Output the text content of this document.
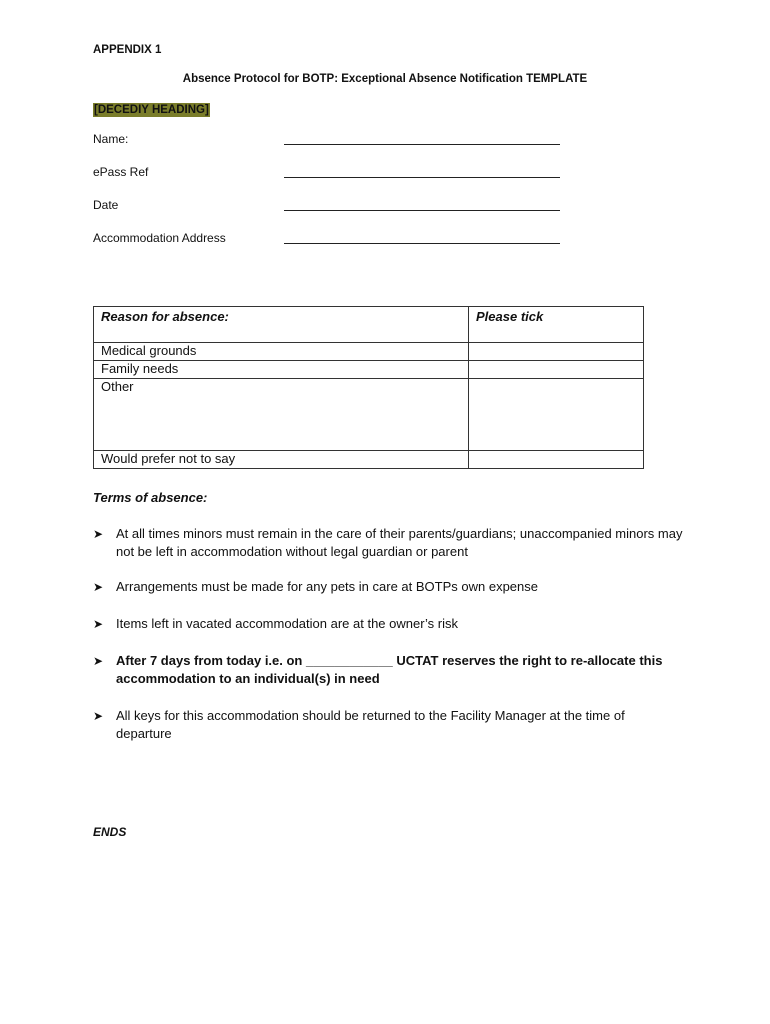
APPENDIX 1
Absence Protocol for BOTP: Exceptional Absence Notification TEMPLATE
[DECEDIY HEADING]
Name:
ePass Ref
Date
Accommodation Address
Reason for absence:	Please tick
Medical grounds	
Family needs	
Other	
Would prefer not to say	
Terms of absence:
➤ At all times minors must remain in the care of their parents/guardians; unaccompanied minors may not be left in accommodation without legal guardian or parent
➤ Arrangements must be made for any pets in care at BOTPs own expense
➤ Items left in vacated accommodation are at the owner’s risk
➤ After 7 days from today i.e. on ____________ UCTAT reserves the right to re-allocate this accommodation to an individual(s) in need
➤ All keys for this accommodation should be returned to the Facility Manager at the time of departure
ENDS
